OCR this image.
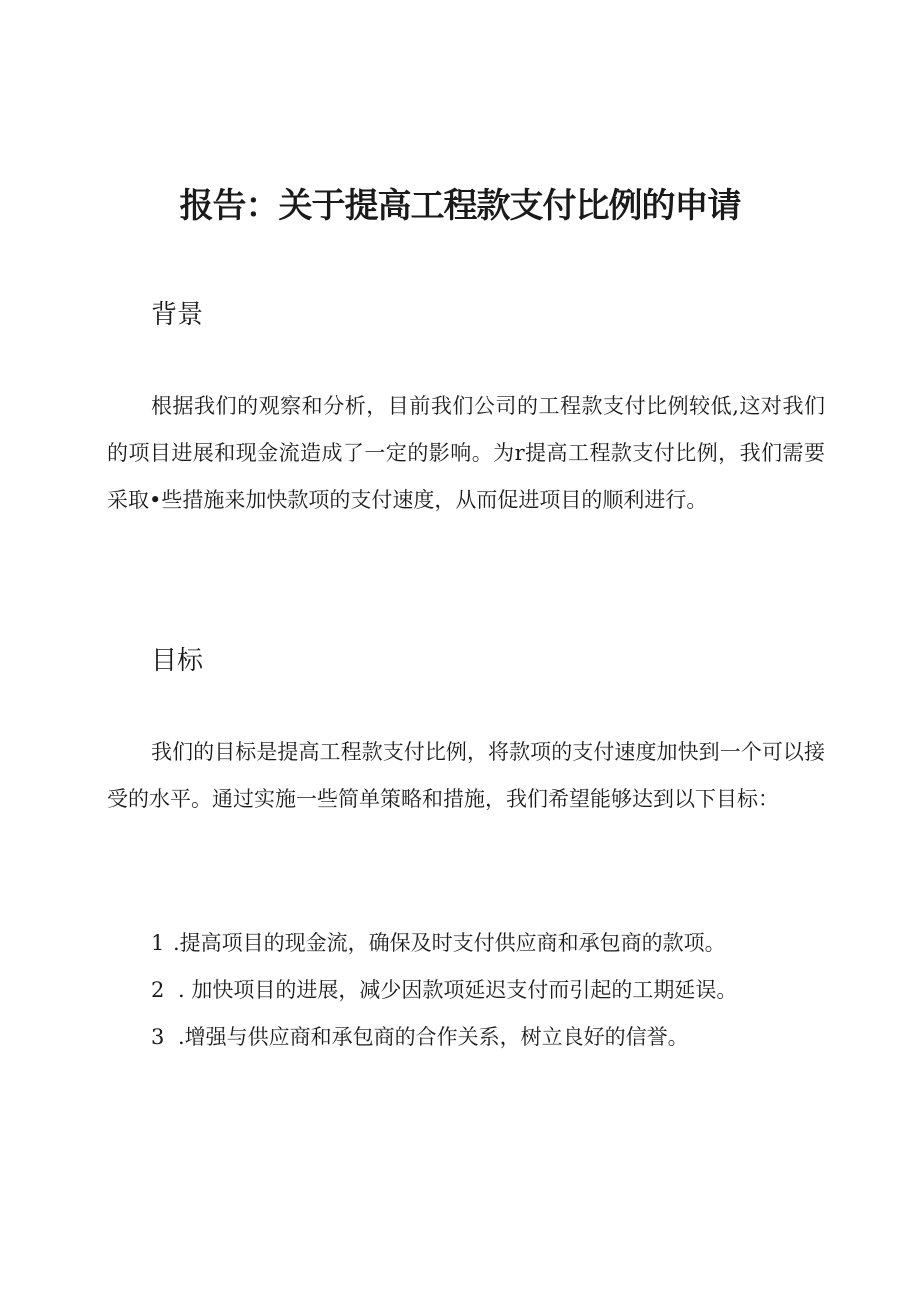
报告：关于提高工程款支付比例的申请
背景

根据我们的观察和分析，目前我们公司的工程款支付比例较低,这对我们的项目进展和现金流造成了一定的影响。为r提高工程款支付比例，我们需要采取•些措施来加快款项的支付速度，从而促进项目的顺利进行。

目标

我们的目标是提高工程款支付比例，将款项的支付速度加快到一个可以接受的水平。通过实施一些简单策略和措施，我们希望能够达到以下目标：

1 .提高项目的现金流，确保及时支付供应商和承包商的款项。
2 . 加快项目的进展，减少因款项延迟支付而引起的工期延误。
3 .增强与供应商和承包商的合作关系，树立良好的信誉。
